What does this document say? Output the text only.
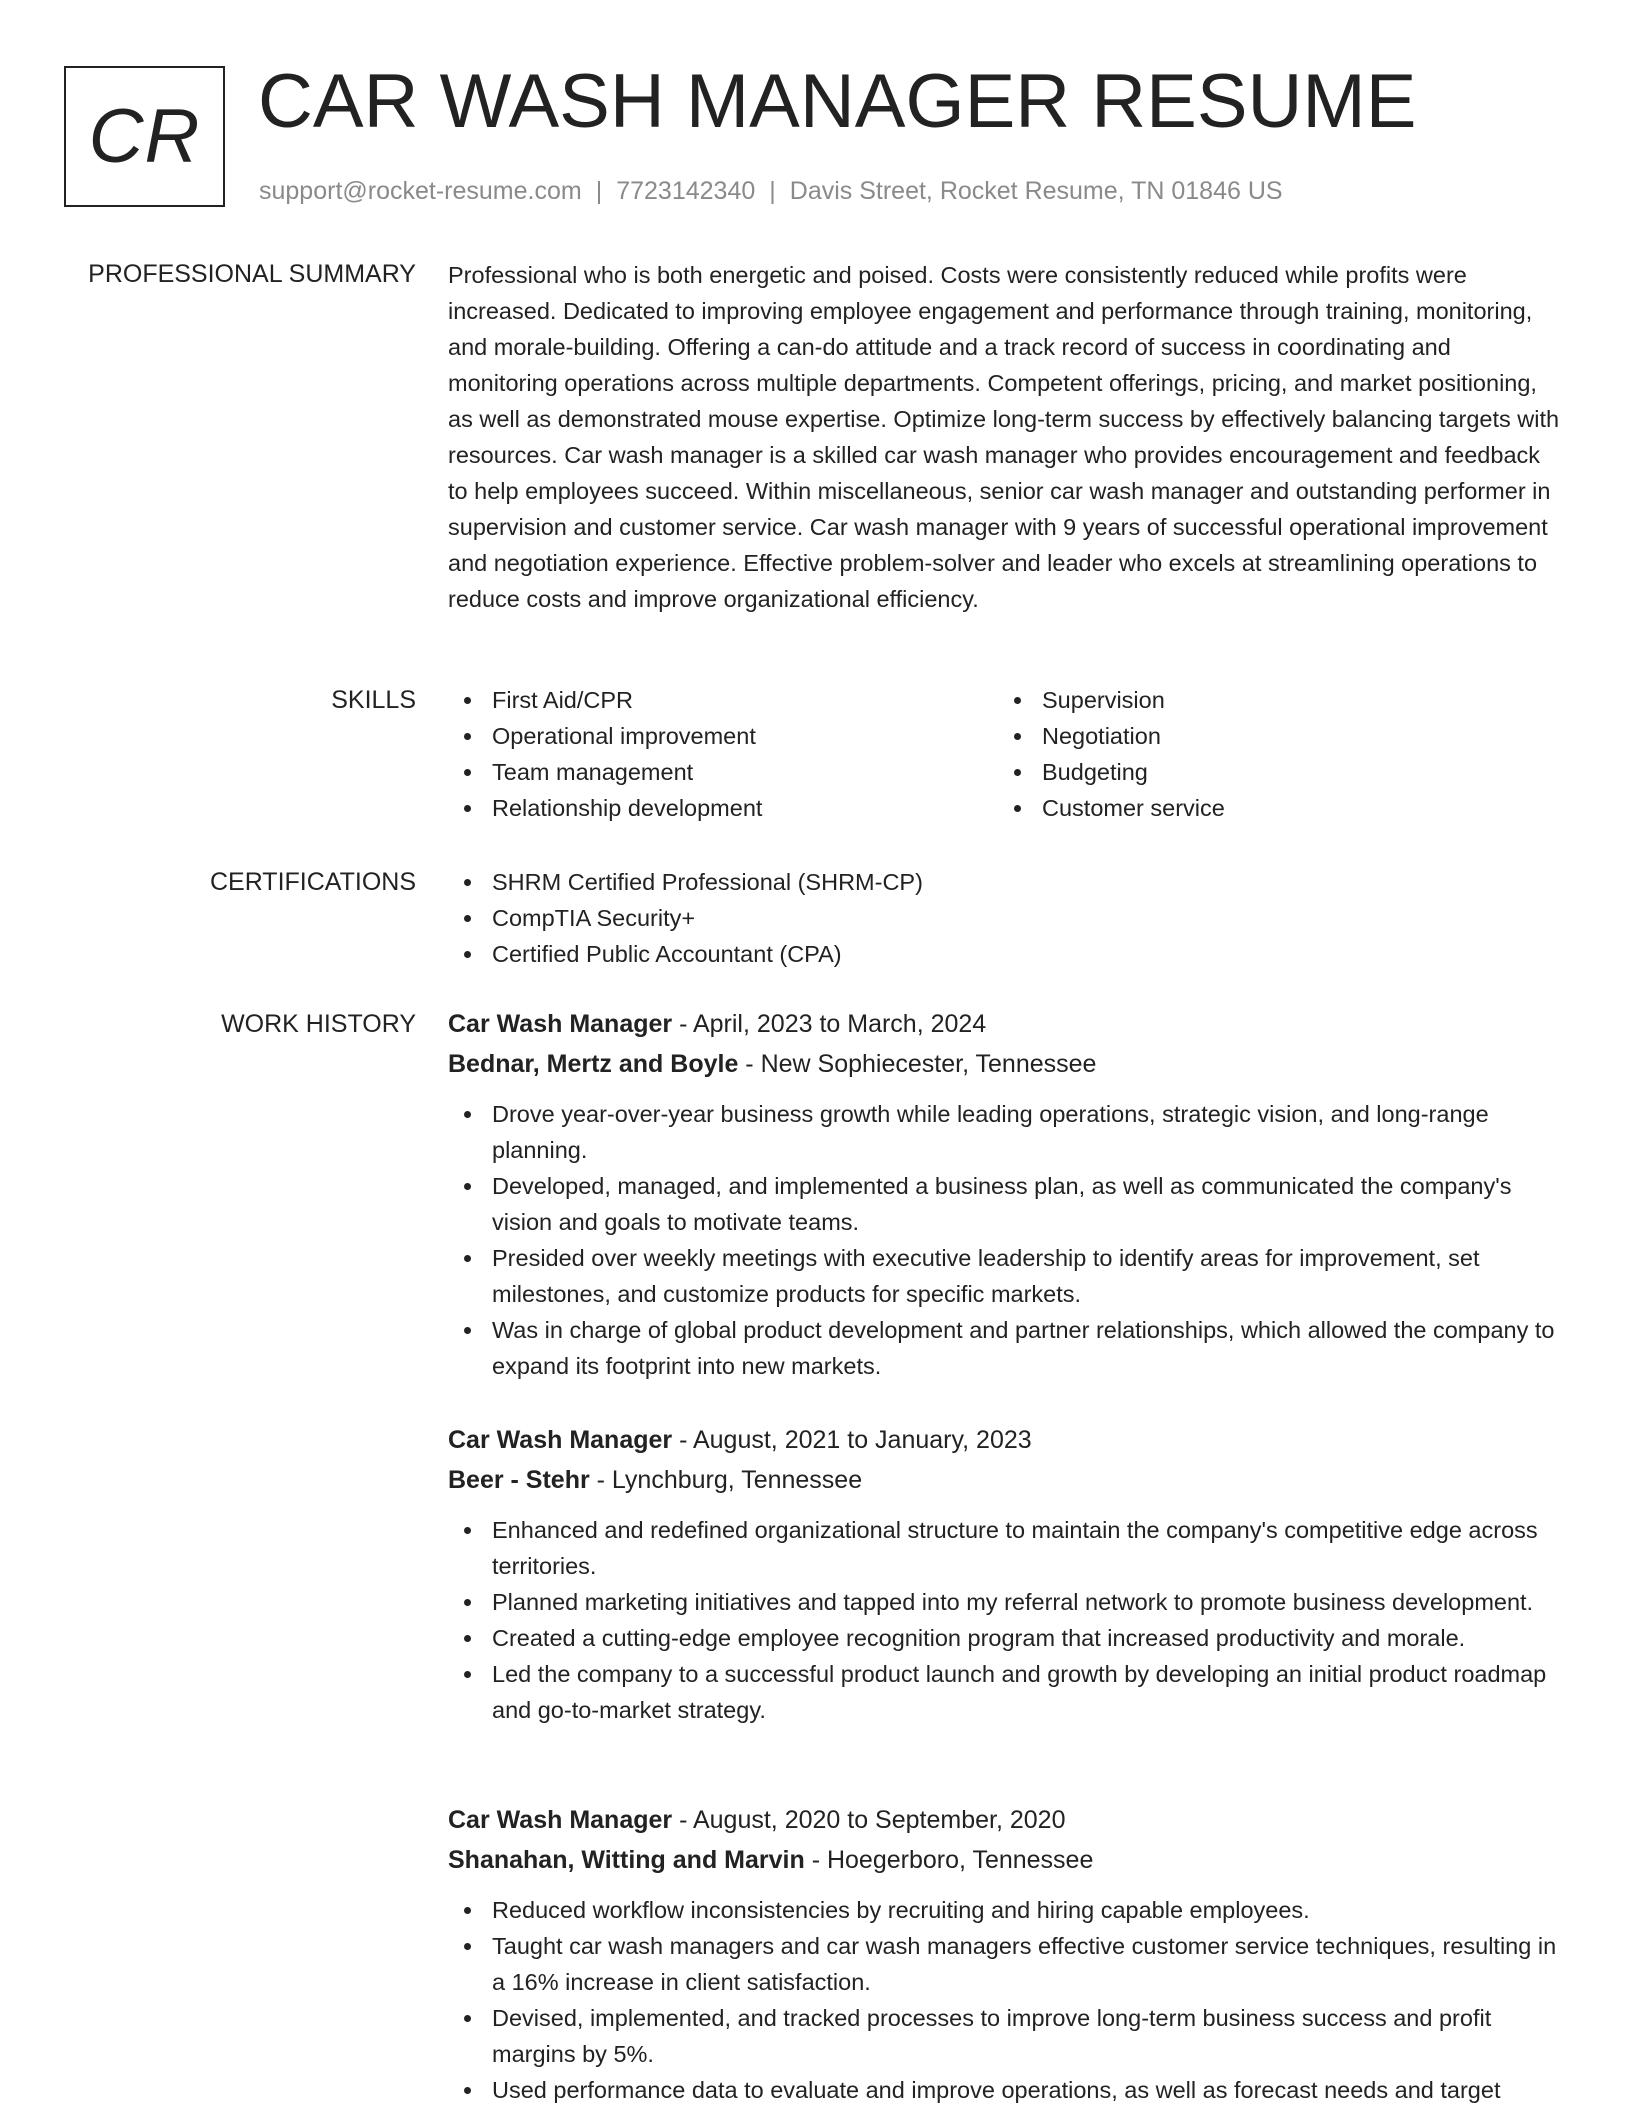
CR CAR WASH MANAGER RESUME
support@rocket-resume.com | 7723142340 | Davis Street, Rocket Resume, TN 01846 US
PROFESSIONAL SUMMARY Professional who is both energetic and poised. Costs were consistently reduced while profits were increased. Dedicated to improving employee engagement and performance through training, monitoring, and morale-building. Offering a can-do attitude and a track record of success in coordinating and monitoring operations across multiple departments. Competent offerings, pricing, and market positioning, as well as demonstrated mouse expertise. Optimize long-term success by effectively balancing targets with resources. Car wash manager is a skilled car wash manager who provides encouragement and feedback to help employees succeed. Within miscellaneous, senior car wash manager and outstanding performer in supervision and customer service. Car wash manager with 9 years of successful operational improvement and negotiation experience. Effective problem-solver and leader who excels at streamlining operations to reduce costs and improve organizational efficiency.
SKILLS	First Aid/CPR
Operational improvement
Team management
Relationship development
Supervision
Negotiation
Budgeting
Customer service
CERTIFICATIONS	SHRM Certified Professional (SHRM-CP)
CompTIA Security+
Certified Public Accountant (CPA)
WORK HISTORY Car Wash Manager - April, 2023 to March, 2024
Bednar, Mertz and Boyle - New Sophiecester, Tennessee
Drove year-over-year business growth while leading operations, strategic vision, and long-range planning.
Developed, managed, and implemented a business plan, as well as communicated the company's vision and goals to motivate teams.
Presided over weekly meetings with executive leadership to identify areas for improvement, set milestones, and customize products for specific markets.
Was in charge of global product development and partner relationships, which allowed the company to expand its footprint into new markets.
Car Wash Manager - August, 2021 to January, 2023
Beer - Stehr - Lynchburg, Tennessee
Enhanced and redefined organizational structure to maintain the company's competitive edge across territories.
Planned marketing initiatives and tapped into my referral network to promote business development.
Created a cutting-edge employee recognition program that increased productivity and morale.
Led the company to a successful product launch and growth by developing an initial product roadmap and go-to-market strategy.
Car Wash Manager - August, 2020 to September, 2020
Shanahan, Witting and Marvin - Hoegerboro, Tennessee
Reduced workflow inconsistencies by recruiting and hiring capable employees.
Taught car wash managers and car wash managers effective customer service techniques, resulting in a 16% increase in client satisfaction.
Devised, implemented, and tracked processes to improve long-term business success and profit margins by 5%.
Used performance data to evaluate and improve operations, as well as forecast needs and target
